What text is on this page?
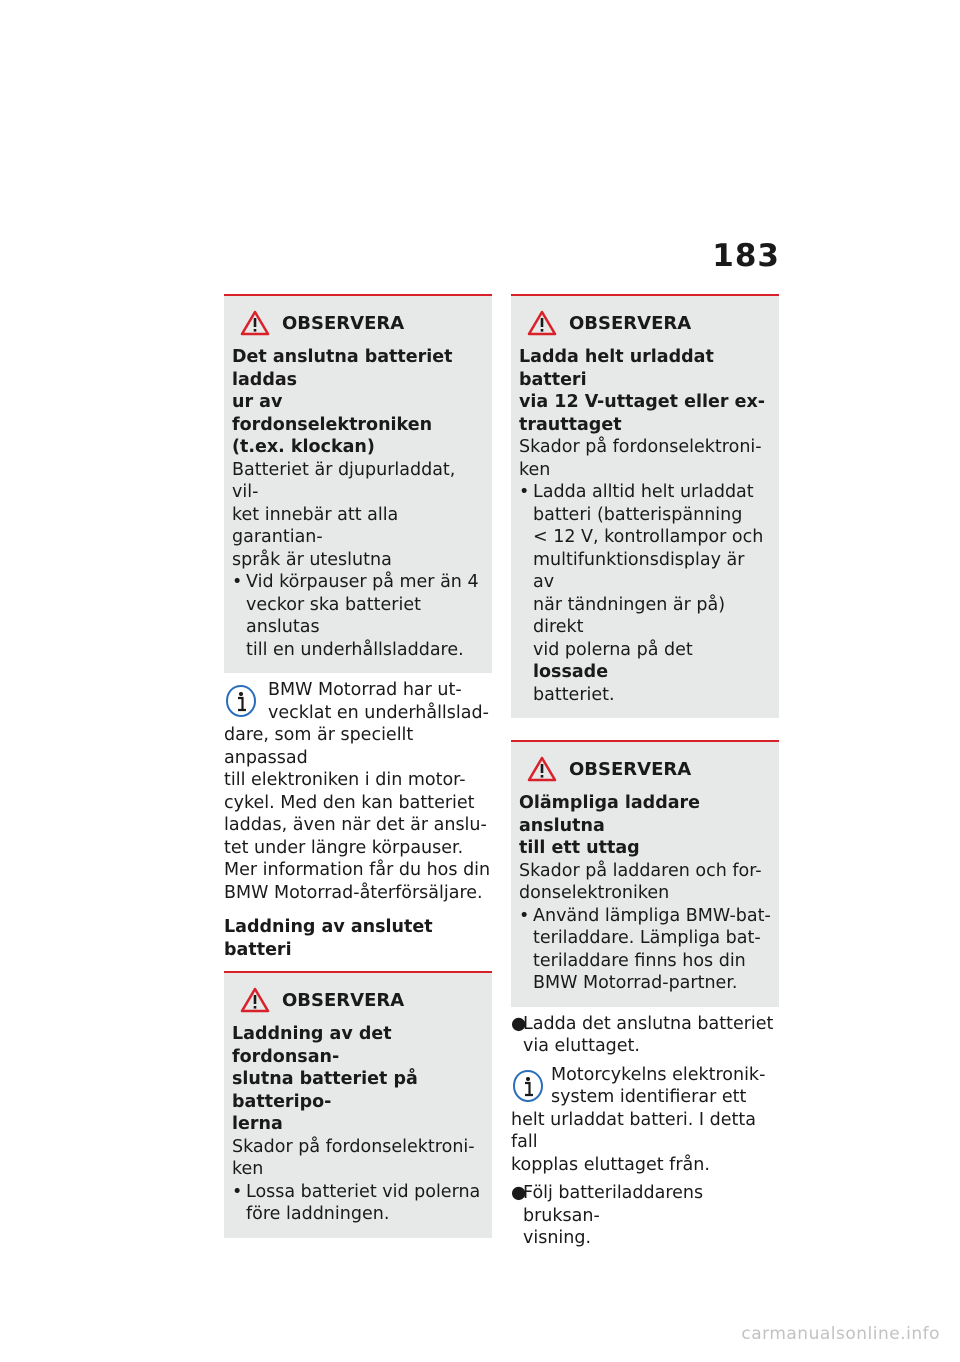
183
OBSERVERA
Det anslutna batteriet laddas
ur av fordonselektroniken
(t.ex. klockan)
Batteriet är djupurladdat, vil-
ket innebär att alla garantian-
språk är uteslutna
• Vid körpauser på mer än 4
veckor ska batteriet anslutas
till en underhållsladdare.
BMW Motorrad har ut-
vecklat en underhållslad-
dare, som är speciellt anpassad
till elektroniken i din motor-
cykel. Med den kan batteriet
laddas, även när det är anslu-
tet under längre körpauser.
Mer information får du hos din
BMW Motorrad-återförsäljare.
Laddning av anslutet batteri
OBSERVERA
Laddning av det fordonsan-
slutna batteriet på batteripo-
lerna
Skador på fordonselektroni-
ken
• Lossa batteriet vid polerna
före laddningen.
OBSERVERA
Ladda helt urladdat batteri
via 12 V-uttaget eller ex-
trauttaget
Skador på fordonselektroni-
ken
• Ladda alltid helt urladdat
batteri (batterispänning
< 12 V, kontrollampor och
multifunktionsdisplay är av
när tändningen är på) direkt
vid polerna på det lossade
batteriet.
OBSERVERA
Olämpliga laddare anslutna
till ett uttag
Skador på laddaren och for-
donselektroniken
• Använd lämpliga BMW-bat-
teriladdare. Lämpliga bat-
teriladdare finns hos din
BMW Motorrad-partner.
●
Ladda det anslutna batteriet
via eluttaget.
Motorcykelns elektronik-
system identifierar ett
helt urladdat batteri. I detta fall
kopplas eluttaget från.
●
Följ batteriladdarens bruksan-
visning.
carmanualsonline.info
